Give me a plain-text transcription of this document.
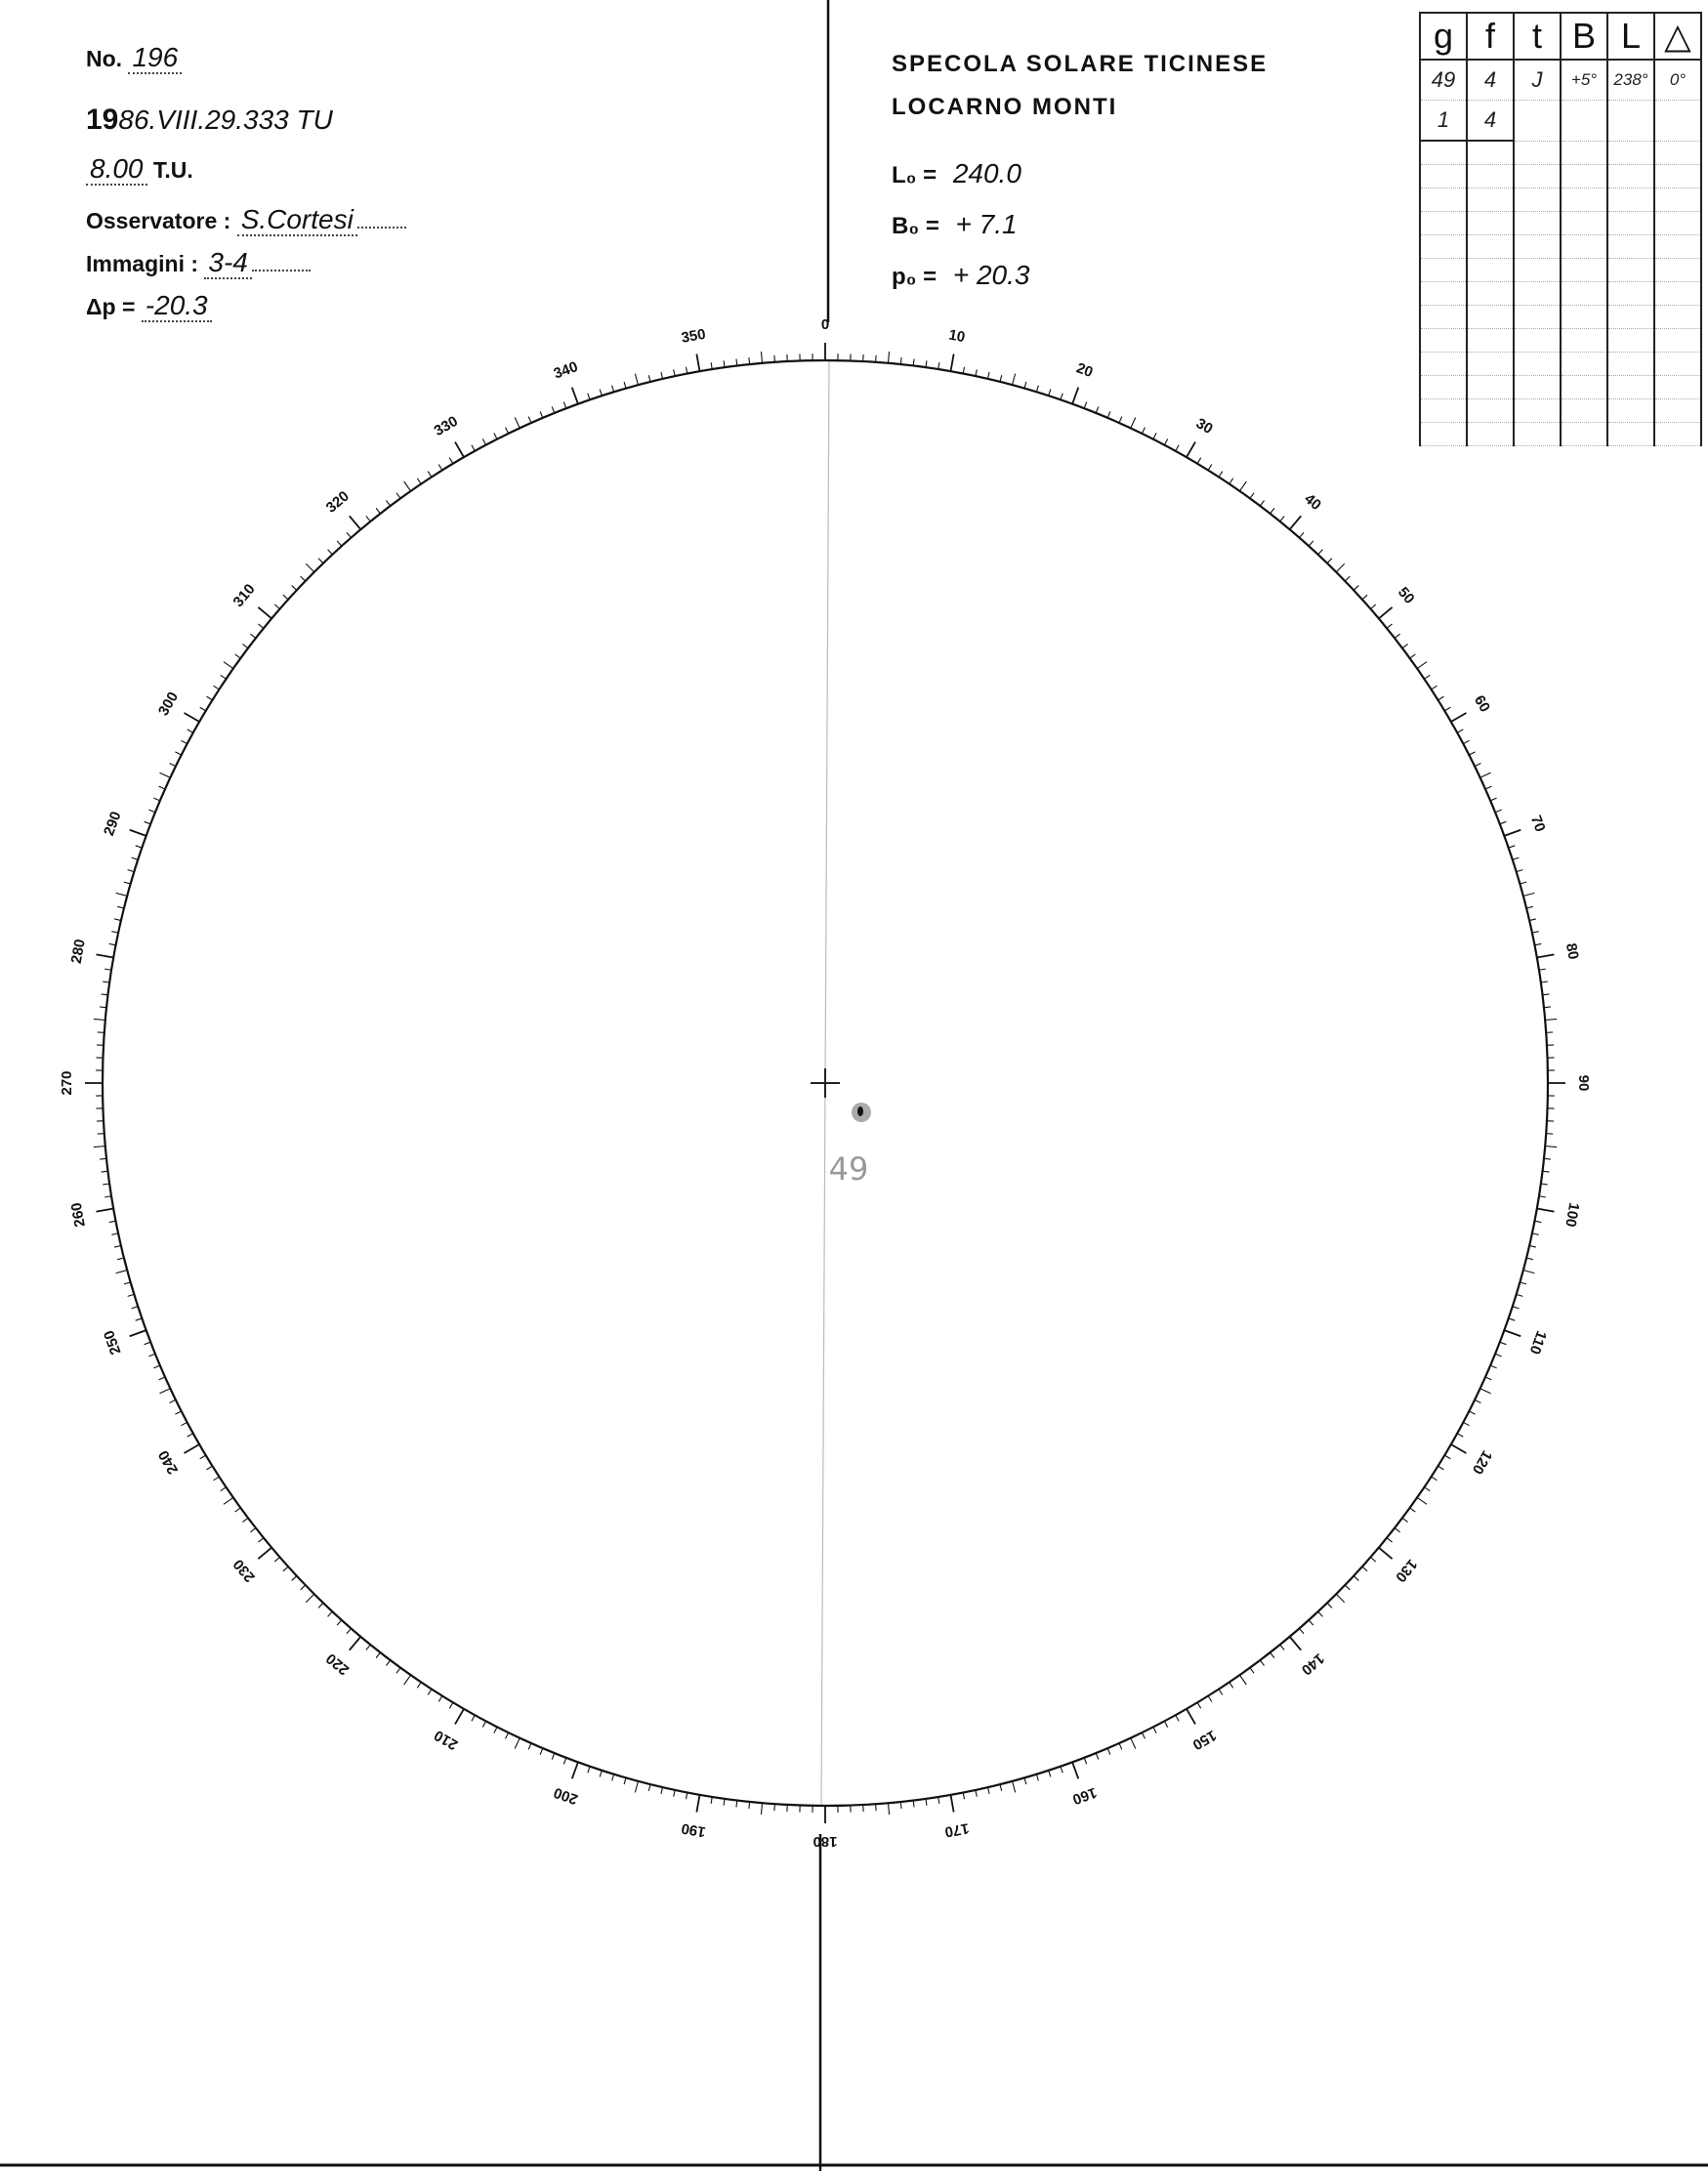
No. 196
1986.VIII.29.333 TU
8.00 T.U.
Osservatore : S.Cortesi
Immagini : 3-4
Δp = -20.3
SPECOLA SOLARE TICINESE
LOCARNO MONTI
L₀ = 240.0
B₀ = + 7.1
p₀ = + 20.3
g	f	t	B	L	△
49	4	J	+5°	238°	0°
1	4				

0
10
20
30
40
50
60
70
80
90
100
110
120
130
140
150
160
170
180
190
200
210
220
230
240
250
260
270
280
290
300
310
320
330
340
350
49
